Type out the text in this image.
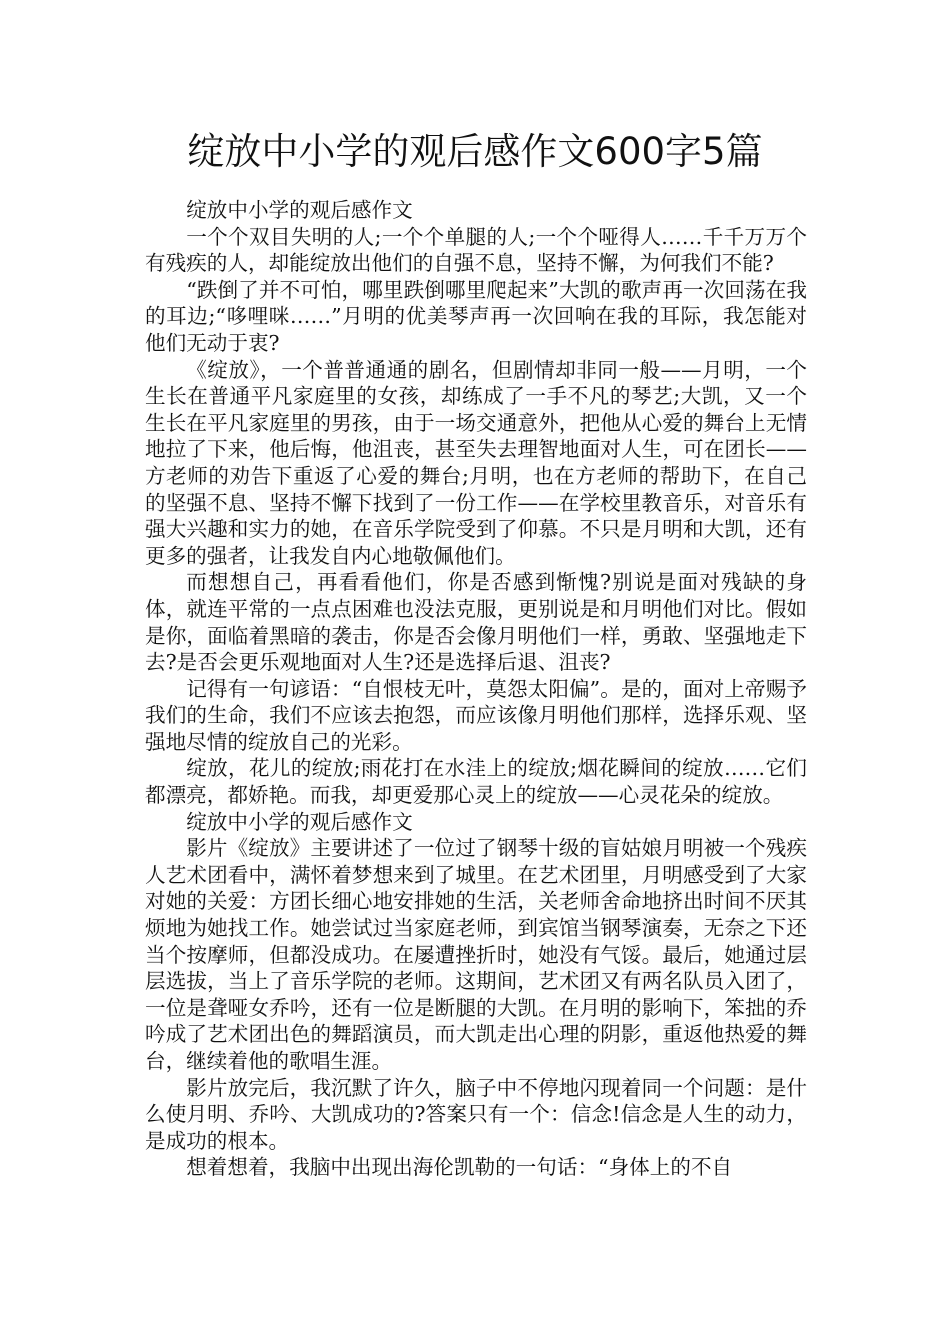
绽放中小学的观后感作文600字5篇

绽放中小学的观后感作文

一个个双目失明的人;一个个单腿的人;一个个哑得人……千千万万个有残疾的人，却能绽放出他们的自强不息，坚持不懈，为何我们不能?

“跌倒了并不可怕，哪里跌倒哪里爬起来”大凯的歌声再一次回荡在我的耳边;“哆哩咪……”月明的优美琴声再一次回响在我的耳际，我怎能对他们无动于衷?

《绽放》，一个普普通通的剧名，但剧情却非同一般——月明，一个生长在普通平凡家庭里的女孩，却练成了一手不凡的琴艺;大凯，又一个生长在平凡家庭里的男孩，由于一场交通意外，把他从心爱的舞台上无情地拉了下来，他后悔，他沮丧，甚至失去理智地面对人生，可在团长——方老师的劝告下重返了心爱的舞台;月明，也在方老师的帮助下，在自己的坚强不息、坚持不懈下找到了一份工作——在学校里教音乐，对音乐有强大兴趣和实力的她，在音乐学院受到了仰慕。不只是月明和大凯，还有更多的强者，让我发自内心地敬佩他们。

而想想自己，再看看他们，你是否感到惭愧?别说是面对残缺的身体，就连平常的一点点困难也没法克服，更别说是和月明他们对比。假如是你，面临着黑暗的袭击，你是否会像月明他们一样，勇敢、坚强地走下去?是否会更乐观地面对人生?还是选择后退、沮丧?

记得有一句谚语：“自恨枝无叶，莫怨太阳偏”。是的，面对上帝赐予我们的生命，我们不应该去抱怨，而应该像月明他们那样，选择乐观、坚强地尽情的绽放自己的光彩。

绽放，花儿的绽放;雨花打在水洼上的绽放;烟花瞬间的绽放……它们都漂亮，都娇艳。而我，却更爱那心灵上的绽放——心灵花朵的绽放。

绽放中小学的观后感作文

影片《绽放》主要讲述了一位过了钢琴十级的盲姑娘月明被一个残疾人艺术团看中，满怀着梦想来到了城里。在艺术团里，月明感受到了大家对她的关爱：方团长细心地安排她的生活，关老师舍命地挤出时间不厌其烦地为她找工作。她尝试过当家庭老师，到宾馆当钢琴演奏，无奈之下还当个按摩师，但都没成功。在屡遭挫折时，她没有气馁。最后，她通过层层选拔，当上了音乐学院的老师。这期间，艺术团又有两名队员入团了，一位是聋哑女乔吟，还有一位是断腿的大凯。在月明的影响下，笨拙的乔吟成了艺术团出色的舞蹈演员，而大凯走出心理的阴影，重返他热爱的舞台，继续着他的歌唱生涯。

影片放完后，我沉默了许久，脑子中不停地闪现着同一个问题：是什么使月明、乔吟、大凯成功的?答案只有一个：信念!信念是人生的动力，是成功的根本。

想着想着，我脑中出现出海伦凯勒的一句话：“身体上的不自
